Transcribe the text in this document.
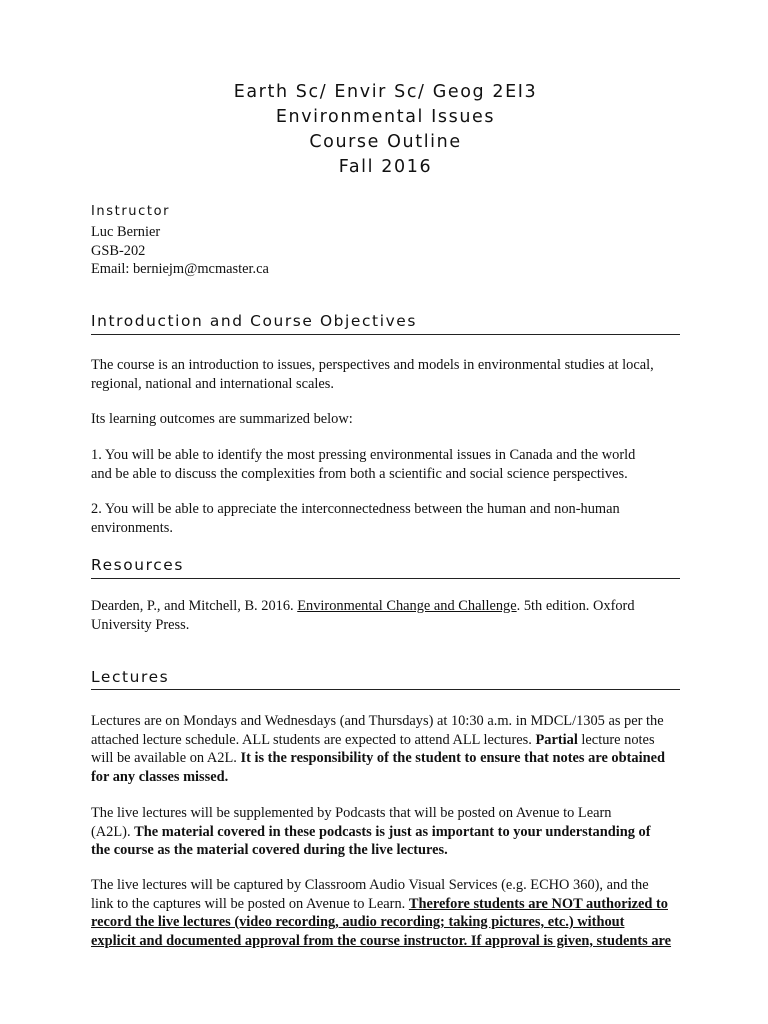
Earth Sc/ Envir Sc/ Geog 2EI3
Environmental Issues
Course Outline
Fall 2016
Instructor
Luc Bernier
GSB-202
Email: berniejm@mcmaster.ca
Introduction and Course Objectives
The course is an introduction to issues, perspectives and models in environmental studies at local,
regional, national and international scales.
Its learning outcomes are summarized below:
1. You will be able to identify the most pressing environmental issues in Canada and the world
and be able to discuss the complexities from both a scientific and social science perspectives.
2. You will be able to appreciate the interconnectedness between the human and non-human
environments.
Resources
Dearden, P., and Mitchell, B. 2016. Environmental Change and Challenge. 5th edition. Oxford
University Press.
Lectures
Lectures are on Mondays and Wednesdays (and Thursdays) at 10:30 a.m. in MDCL/1305 as per the
attached lecture schedule. ALL students are expected to attend ALL lectures. Partial lecture notes
will be available on A2L. It is the responsibility of the student to ensure that notes are obtained
for any classes missed.
The live lectures will be supplemented by Podcasts that will be posted on Avenue to Learn
(A2L). The material covered in these podcasts is just as important to your understanding of
the course as the material covered during the live lectures.
The live lectures will be captured by Classroom Audio Visual Services (e.g. ECHO 360), and the
link to the captures will be posted on Avenue to Learn. Therefore students are NOT authorized to
record the live lectures (video recording, audio recording; taking pictures, etc.) without
explicit and documented approval from the course instructor. If approval is given, students are
